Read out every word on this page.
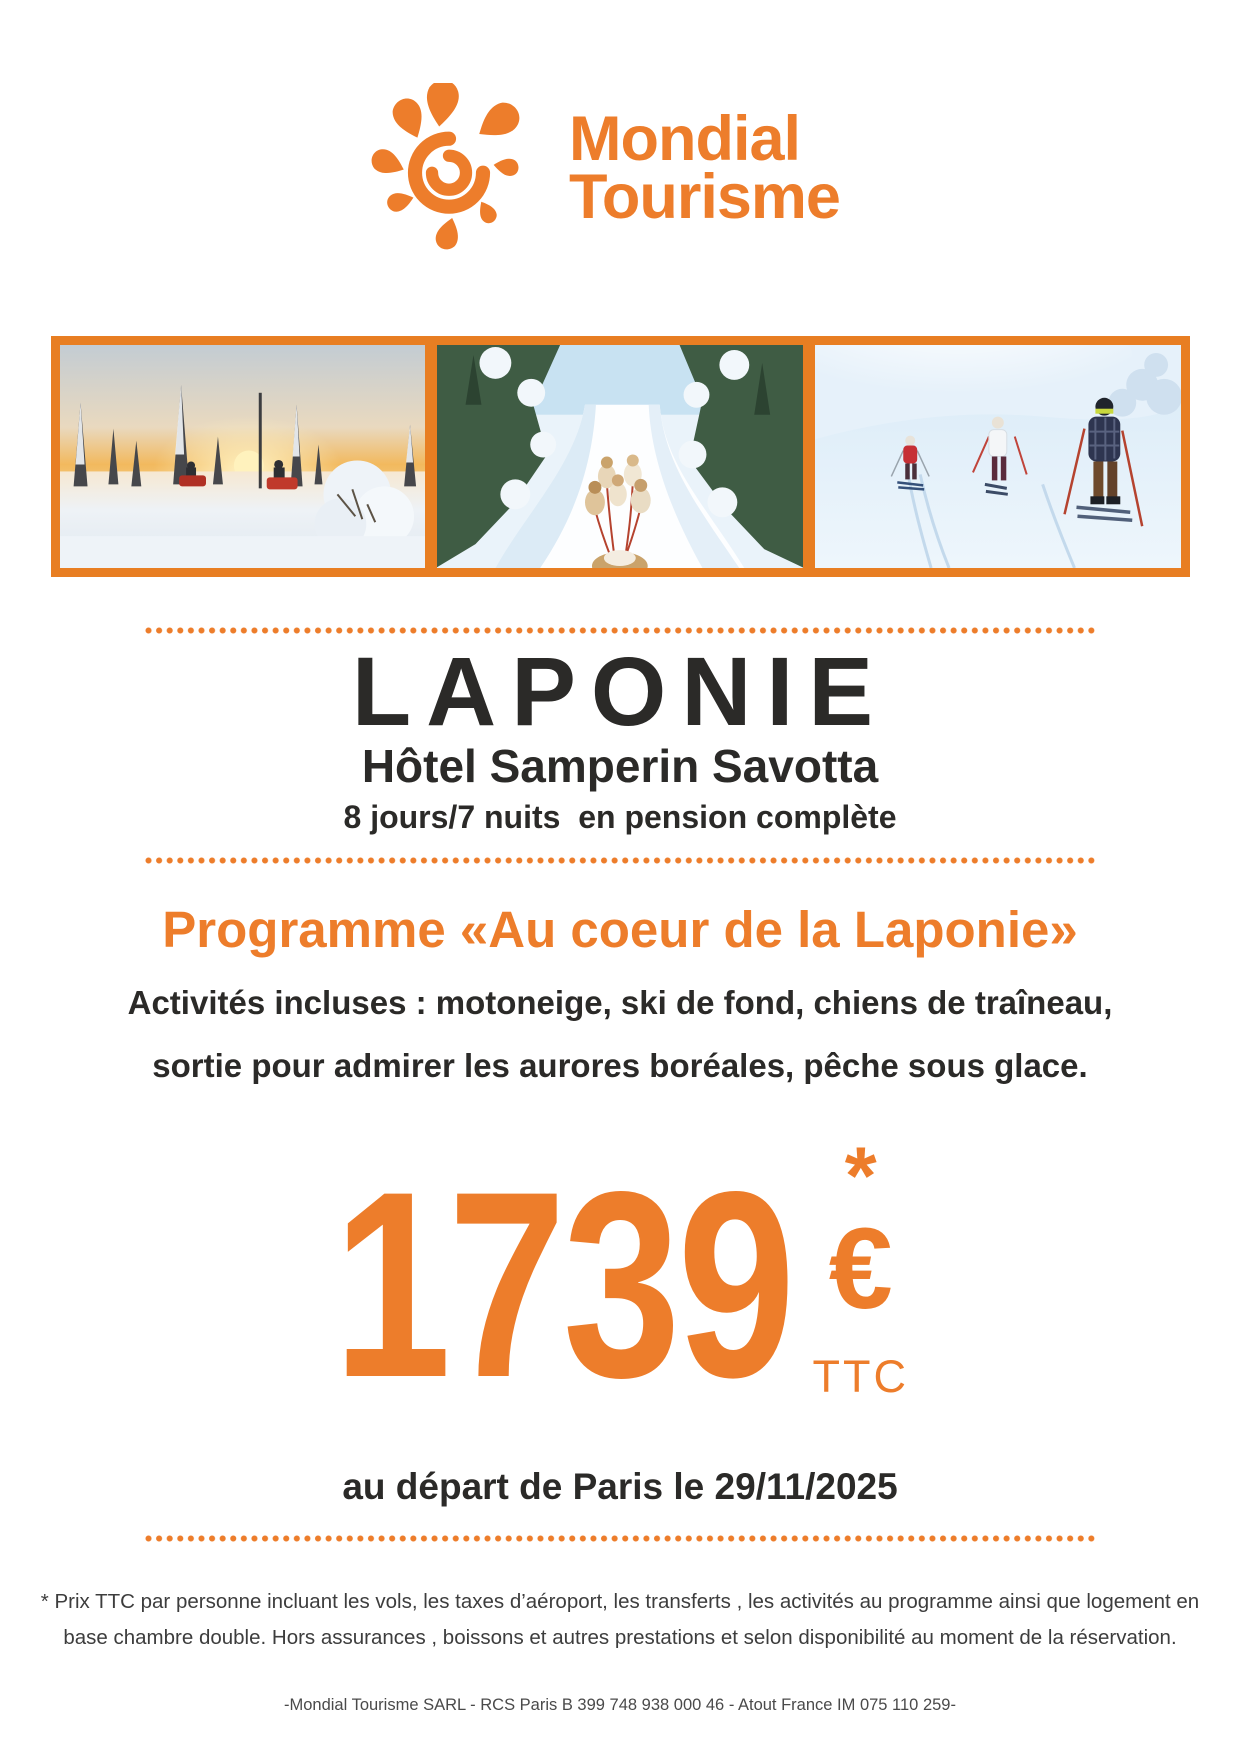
Mondial
Tourisme
LAPONIE
Hôtel Samperin Savotta
8 jours/7 nuits  en pension complète
Programme «Au coeur de la Laponie»
Activités incluses : motoneige, ski de fond, chiens de traîneau,
sortie pour admirer les aurores boréales, pêche sous glace.
1739 *
€
TTC
au départ de Paris le 29/11/2025
* Prix TTC par personne incluant les vols, les taxes d’aéroport, les transferts , les activités au programme ainsi que logement en
base chambre double. Hors assurances , boissons et autres prestations et selon disponibilité au moment de la réservation.
-Mondial Tourisme SARL - RCS Paris B 399 748 938 000 46 - Atout France IM 075 110 259-
